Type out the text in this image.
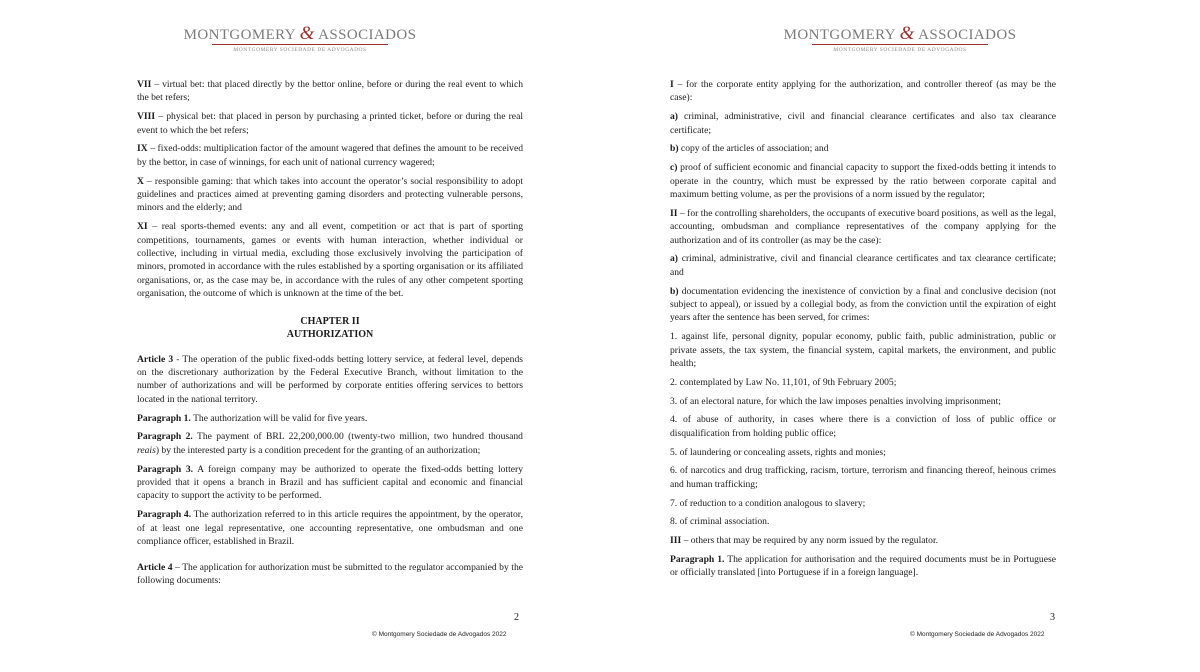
MONTGOMERY & ASSOCIADOS
MONTGOMERY SOCIEDADE DE ADVOGADOS

VII – virtual bet: that placed directly by the bettor online, before or during the real event to which the bet refers;

VIII – physical bet: that placed in person by purchasing a printed ticket, before or during the real event to which the bet refers;

IX – fixed-odds: multiplication factor of the amount wagered that defines the amount to be received by the bettor, in case of winnings, for each unit of national currency wagered;

X – responsible gaming: that which takes into account the operator’s social responsibility to adopt guidelines and practices aimed at preventing gaming disorders and protecting vulnerable persons, minors and the elderly; and

XI – real sports-themed events: any and all event, competition or act that is part of sporting competitions, tournaments, games or events with human interaction, whether individual or collective, including in virtual media, excluding those exclusively involving the participation of minors, promoted in accordance with the rules established by a sporting organisation or its affiliated organisations, or, as the case may be, in accordance with the rules of any other competent sporting organisation, the outcome of which is unknown at the time of the bet.

CHAPTER II
AUTHORIZATION

Article 3 - The operation of the public fixed-odds betting lottery service, at federal level, depends on the discretionary authorization by the Federal Executive Branch, without limitation to the number of authorizations and will be performed by corporate entities offering services to bettors located in the national territory.

Paragraph 1. The authorization will be valid for five years.

Paragraph 2. The payment of BRL 22,200,000.00 (twenty-two million, two hundred thousand reais) by the interested party is a condition precedent for the granting of an authorization;

Paragraph 3. A foreign company may be authorized to operate the fixed-odds betting lottery provided that it opens a branch in Brazil and has sufficient capital and economic and financial capacity to support the activity to be performed.

Paragraph 4. The authorization referred to in this article requires the appointment, by the operator, of at least one legal representative, one accounting representative, one ombudsman and one compliance officer, established in Brazil.

Article 4 – The application for authorization must be submitted to the regulator accompanied by the following documents:

2
© Montgomery Sociedade de Advogados 2022
MONTGOMERY & ASSOCIADOS
MONTGOMERY SOCIEDADE DE ADVOGADOS

I – for the corporate entity applying for the authorization, and controller thereof (as may be the case):

a) criminal, administrative, civil and financial clearance certificates and also tax clearance certificate;

b) copy of the articles of association; and

c) proof of sufficient economic and financial capacity to support the fixed-odds betting it intends to operate in the country, which must be expressed by the ratio between corporate capital and maximum betting volume, as per the provisions of a norm issued by the regulator;

II – for the controlling shareholders, the occupants of executive board positions, as well as the legal, accounting, ombudsman and compliance representatives of the company applying for the authorization and of its controller (as may be the case):

a) criminal, administrative, civil and financial clearance certificates and tax clearance certificate; and

b) documentation evidencing the inexistence of conviction by a final and conclusive decision (not subject to appeal), or issued by a collegial body, as from the conviction until the expiration of eight years after the sentence has been served, for crimes:

1. against life, personal dignity, popular economy, public faith, public administration, public or private assets, the tax system, the financial system, capital markets, the environment, and public health;

2. contemplated by Law No. 11,101, of 9th February 2005;

3. of an electoral nature, for which the law imposes penalties involving imprisonment;

4. of abuse of authority, in cases where there is a conviction of loss of public office or disqualification from holding public office;

5. of laundering or concealing assets, rights and monies;

6. of narcotics and drug trafficking, racism, torture, terrorism and financing thereof, heinous crimes and human trafficking;

7. of reduction to a condition analogous to slavery;

8. of criminal association.

III – others that may be required by any norm issued by the regulator.

Paragraph 1. The application for authorisation and the required documents must be in Portuguese or officially translated [into Portuguese if in a foreign language].

3
© Montgomery Sociedade de Advogados 2022
